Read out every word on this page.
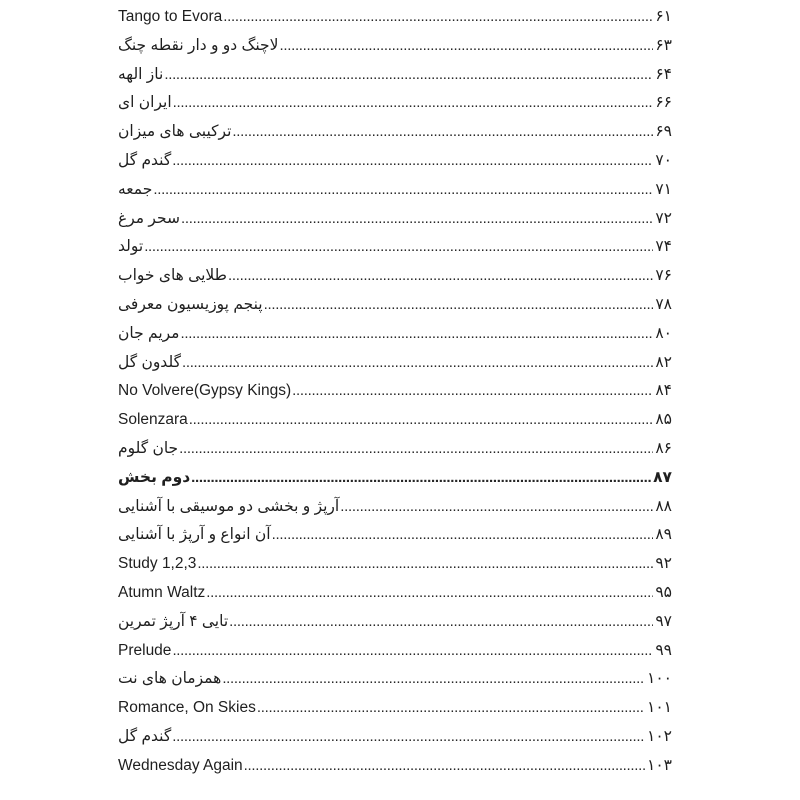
Tango to Evora .....	۶۱
چنگ نقطه دار و دو لاچنگ .....	۶۳
الهه ناز .....	۶۴
ای ایران .....	۶۶
میزان های ترکیبی .....	۶۹
گل گندم .....	۷۰
جمعه .....	۷۱
مرغ سحر .....	۷۲
تولد .....	۷۴
خواب های طلایی .....	۷۶
معرفی پوزیسیون پنجم .....	۷۸
جان مریم .....	۸۰
گل گلدون .....	۸۲
No Volvere(Gypsy Kings) .....	۸۴
Solenzara .....	۸۵
گلوم جان .....	۸۶
بخش دوم .....	۸۷
آشنایی با موسیقی دو بخشی و آرپژ .....	۸۸
آشنایی با آرپژ و انواع آن .....	۸۹
Study 1,2,3 .....	۹۲
Atumn Waltz .....	۹۵
تمرین آرپژ ۴ تایی .....	۹۷
Prelude .....	۹۹
نت های همزمان .....	۱۰۰
Romance, On Skies .....	۱۰۱
گل گندم .....	۱۰۲
Wednesday Again .....	۱۰۳
